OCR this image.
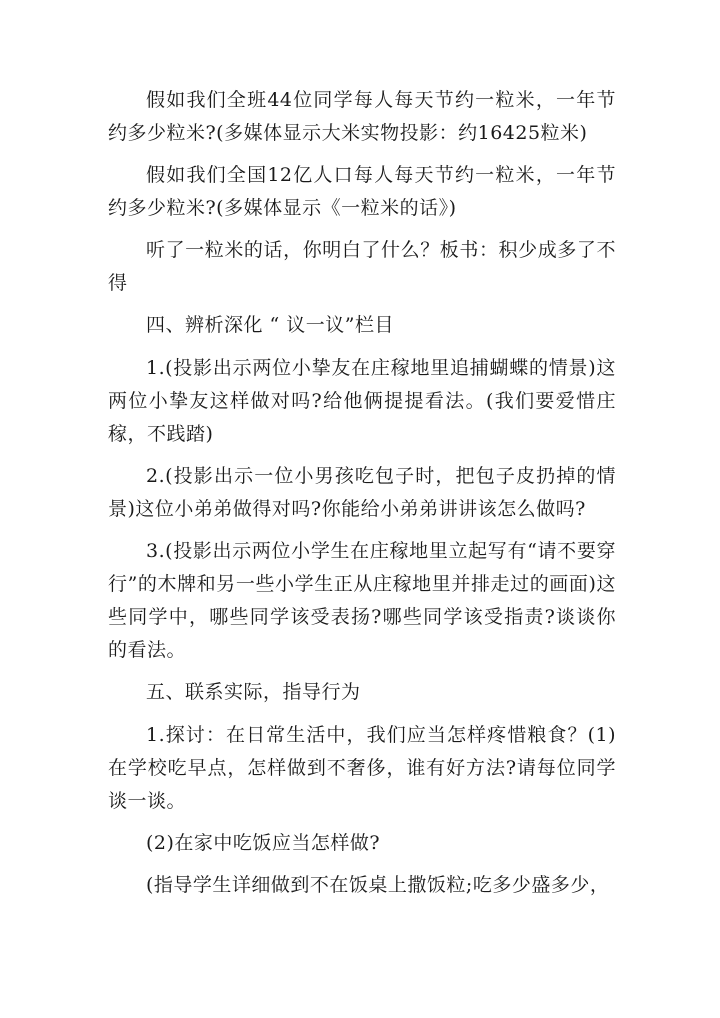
假如我们全班44位同学每人每天节约一粒米，一年节约多少粒米?(多媒体显示大米实物投影：约16425粒米)

假如我们全国12亿人口每人每天节约一粒米，一年节约多少粒米?(多媒体显示《一粒米的话》)

听了一粒米的话，你明白了什么？板书：积少成多了不得

四、辨析深化 “ 议一议”栏目

1.(投影出示两位小挚友在庄稼地里追捕蝴蝶的情景)这两位小挚友这样做对吗?给他俩提提看法。(我们要爱惜庄稼，不践踏)

2.(投影出示一位小男孩吃包子时，把包子皮扔掉的情景)这位小弟弟做得对吗?你能给小弟弟讲讲该怎么做吗?

3.(投影出示两位小学生在庄稼地里立起写有“请不要穿行”的木牌和另一些小学生正从庄稼地里并排走过的画面)这些同学中，哪些同学该受表扬?哪些同学该受指责?谈谈你的看法。

五、联系实际，指导行为

1.探讨：在日常生活中，我们应当怎样疼惜粮食？(1)在学校吃早点，怎样做到不奢侈，谁有好方法?请每位同学谈一谈。

(2)在家中吃饭应当怎样做?

(指导学生详细做到不在饭桌上撒饭粒;吃多少盛多少，
